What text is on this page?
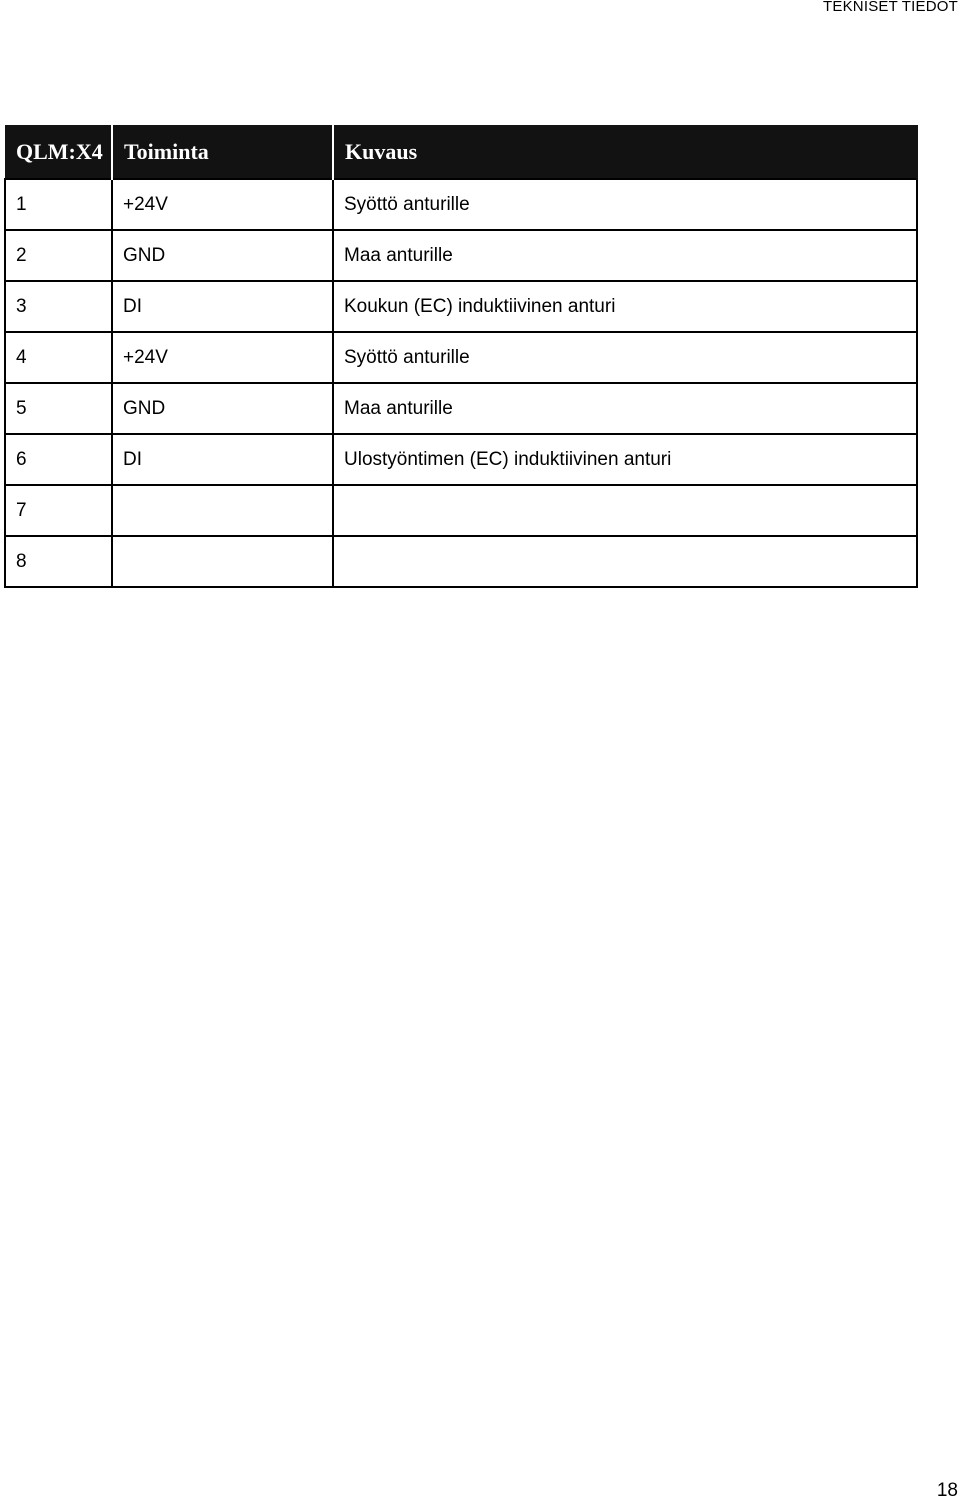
TEKNISET TIEDOT
QLM:X4	Toiminta	Kuvaus
1	+24V	Syöttö anturille
2	GND	Maa anturille
3	DI	Koukun (EC) induktiivinen anturi
4	+24V	Syöttö anturille
5	GND	Maa anturille
6	DI	Ulostyöntimen (EC) induktiivinen anturi
7		
8		
18
